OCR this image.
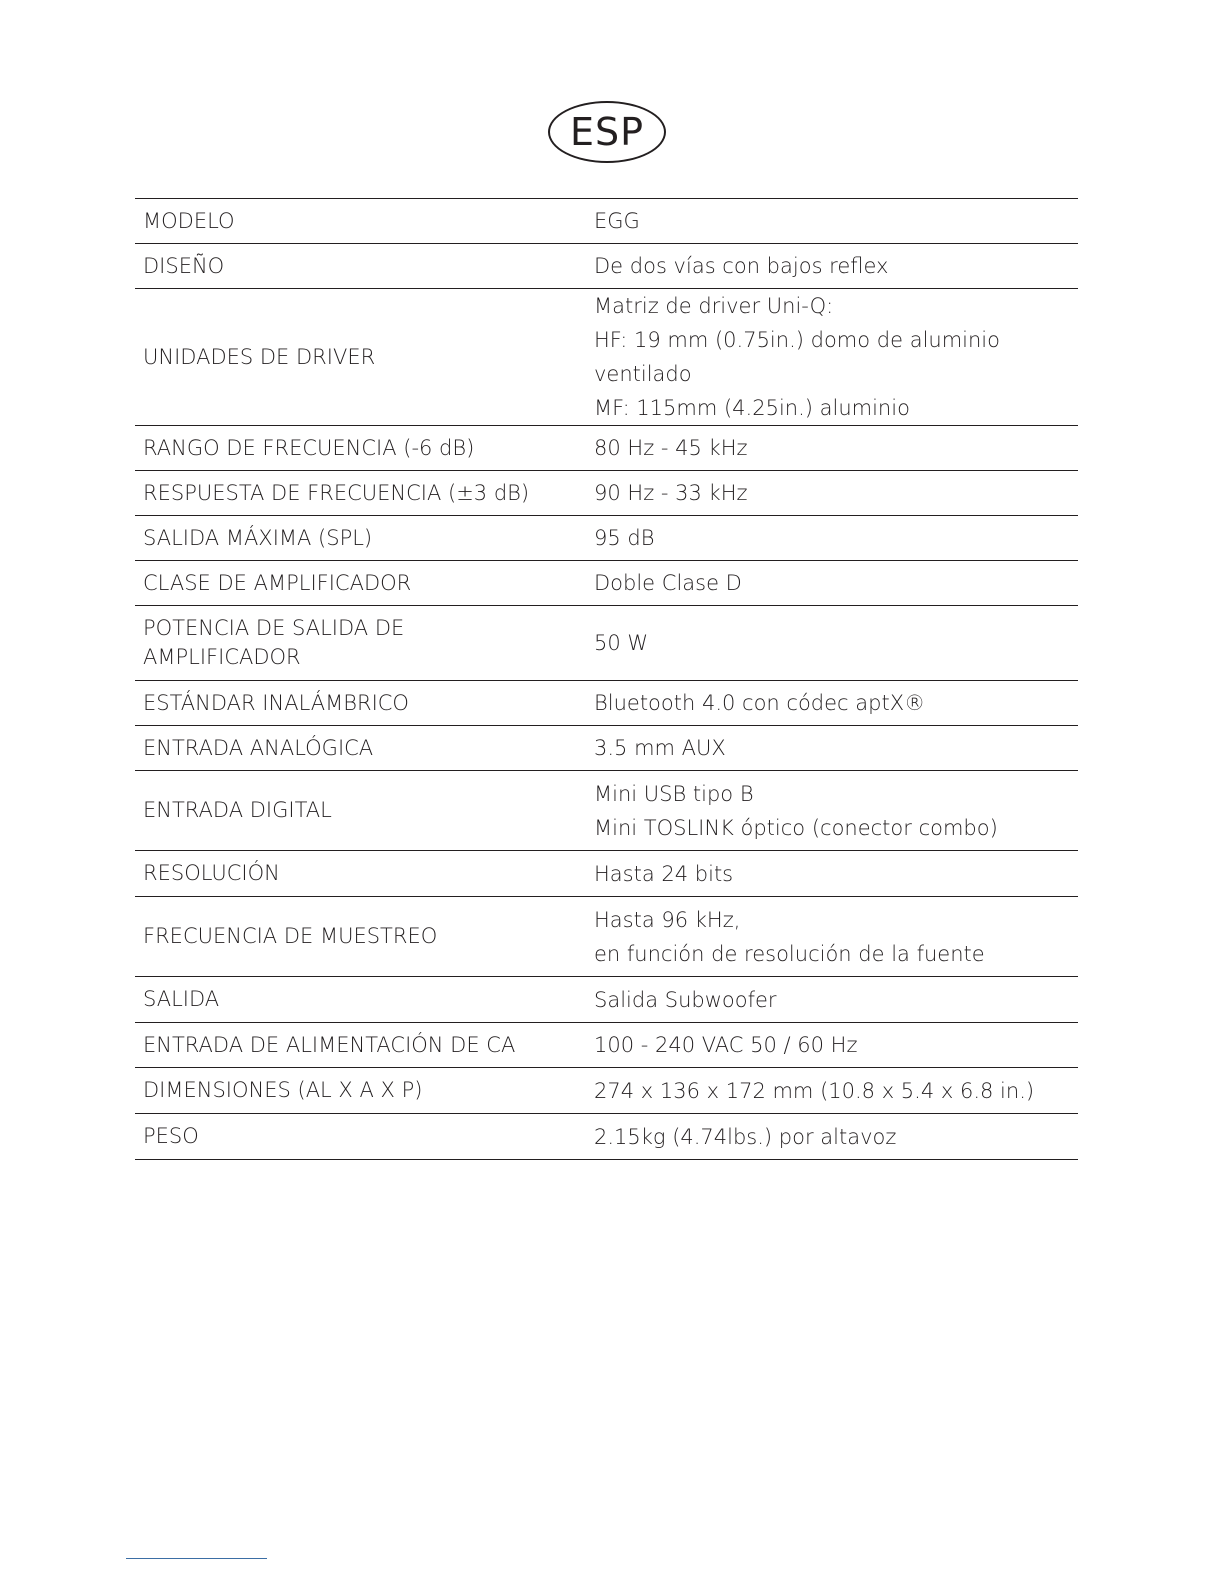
ESP
MODELO	EGG

DISEÑO	De dos vías con bajos reflex

UNIDADES DE DRIVER	Matriz de driver Uni-Q:
HF: 19 mm (0.75in.) domo de aluminio ventilado
MF: 115mm (4.25in.) aluminio

RANGO DE FRECUENCIA (-6 dB)	80 Hz - 45 kHz

RESPUESTA DE FRECUENCIA (±3 dB)	90 Hz - 33 kHz

SALIDA MÁXIMA (SPL)	95 dB

CLASE DE AMPLIFICADOR	Doble Clase D

POTENCIA DE SALIDA DE
AMPLIFICADOR	50 W

ESTÁNDAR INALÁMBRICO	Bluetooth 4.0 con códec aptX®

ENTRADA ANALÓGICA	3.5 mm AUX

ENTRADA DIGITAL	Mini USB tipo B
Mini TOSLINK óptico (conector combo)

RESOLUCIÓN	Hasta 24 bits

FRECUENCIA DE MUESTREO	Hasta 96 kHz,
en función de resolución de la fuente

SALIDA	Salida Subwoofer

ENTRADA DE ALIMENTACIÓN DE CA	100 - 240 VAC 50 / 60 Hz

DIMENSIONES (AL X A X P)	274 x 136 x 172 mm (10.8 x 5.4 x 6.8 in.)

PESO	2.15kg (4.74lbs.) por altavoz
